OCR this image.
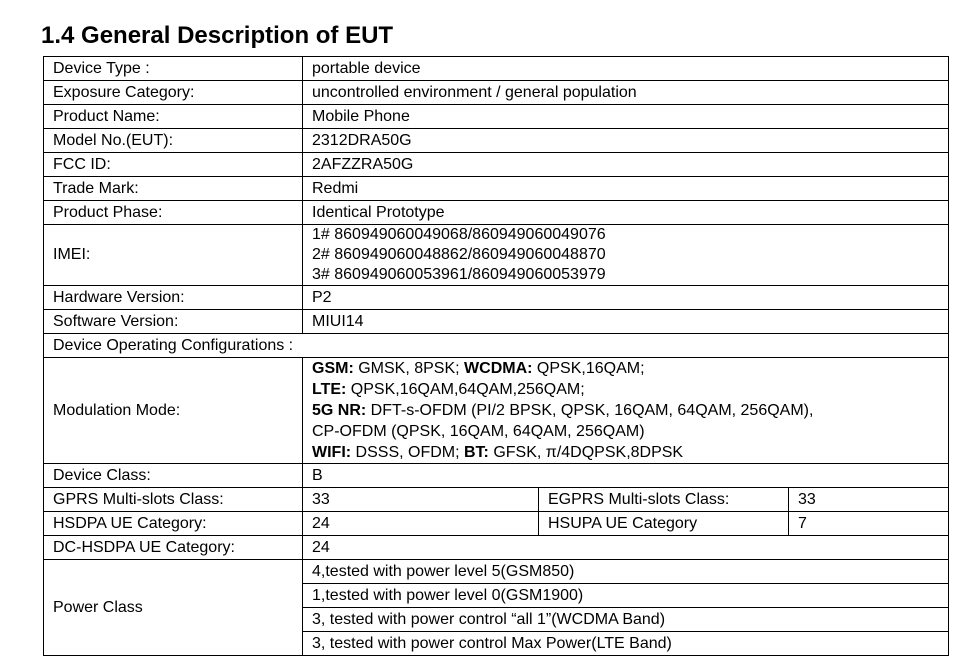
1.4 General Description of EUT
Device Type :	portable device		
Exposure Category:	uncontrolled environment / general population		
Product Name:	Mobile Phone		
Model No.(EUT):	2312DRA50G		
FCC ID:	2AFZZRA50G		
Trade Mark:	Redmi		
Product Phase:	Identical Prototype		
IMEI:	1# 860949060049068/860949060049076
2# 860949060048862/860949060048870
3# 860949060053961/860949060053979		

Hardware Version:	P2		
Software Version:	MIUI14		
Device Operating Configurations :			
Modulation Mode:	GSM: GMSK, 8PSK; WCDMA: QPSK,16QAM;
LTE: QPSK,16QAM,64QAM,256QAM;
5G NR: DFT-s-OFDM (PI/2 BPSK, QPSK, 16QAM, 64QAM, 256QAM),
CP-OFDM (QPSK, 16QAM, 64QAM, 256QAM)
WIFI: DSSS, OFDM; BT: GFSK, π/4DQPSK,8DPSK		

Device Class:	B		
GPRS Multi-slots Class:	33	EGPRS Multi-slots Class:	33
HSDPA UE Category:	24	HSUPA UE Category	7
DC-HSDPA UE Category:	24		
Power Class	4,tested with power level 5(GSM850)		
	1,tested with power level 0(GSM1900)		
	3, tested with power control “all 1”(WCDMA Band)		
	3, tested with power control Max Power(LTE Band)		
